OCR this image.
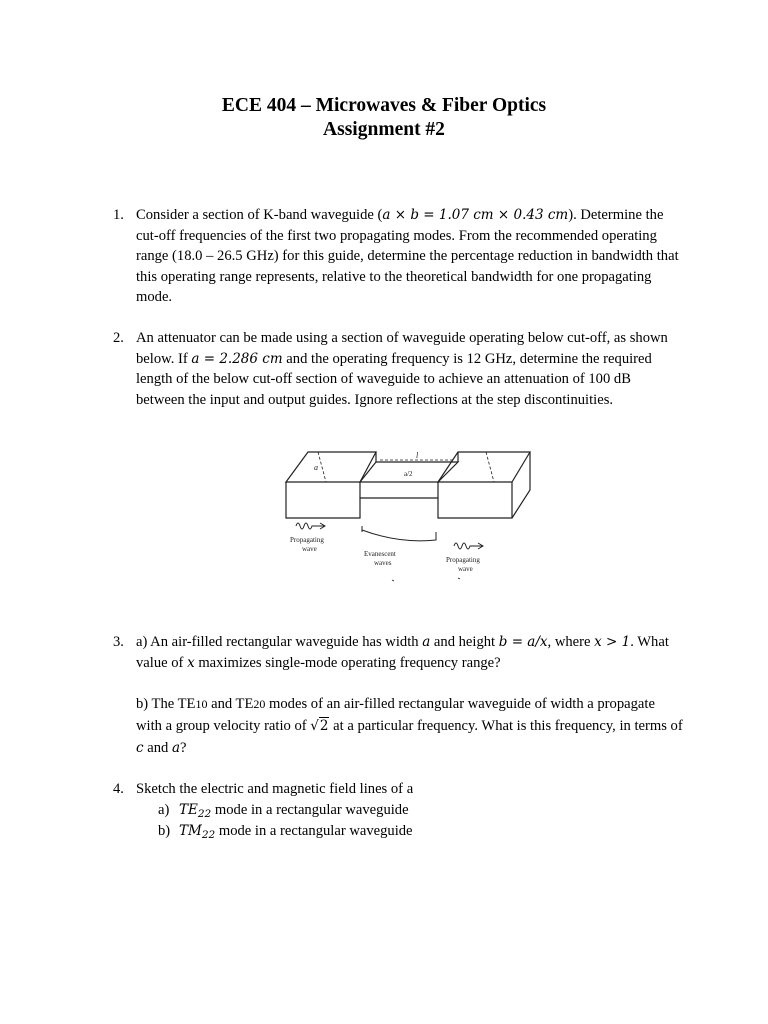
ECE 404 – Microwaves & Fiber Optics
Assignment #2
1. Consider a section of K-band waveguide (a × b = 1.07 cm × 0.43 cm). Determine the cut-off frequencies of the first two propagating modes. From the recommended operating range (18.0 – 26.5 GHz) for this guide, determine the percentage reduction in bandwidth that this operating range represents, relative to the theoretical bandwidth for one propagating mode.
2. An attenuator can be made using a section of waveguide operating below cut-off, as shown below. If a = 2.286 cm and the operating frequency is 12 GHz, determine the required length of the below cut-off section of waveguide to achieve an attenuation of 100 dB between the input and output guides. Ignore reflections at the step discontinuities.
a
l
a/2
Propagating
wave
Evanescent
waves	Propagating
wave
3. a) An air-filled rectangular waveguide has width a and height b = a/x, where x > 1. What value of x maximizes single-mode operating frequency range?
b) The TE10 and TE20 modes of an air-filled rectangular waveguide of width a propagate with a group velocity ratio of √2 at a particular frequency. What is this frequency, in terms of c and a?
4. Sketch the electric and magnetic field lines of a
a) $TE_{22}$ mode in a rectangular waveguide
b) $TM_{22}$ mode in a rectangular waveguide
